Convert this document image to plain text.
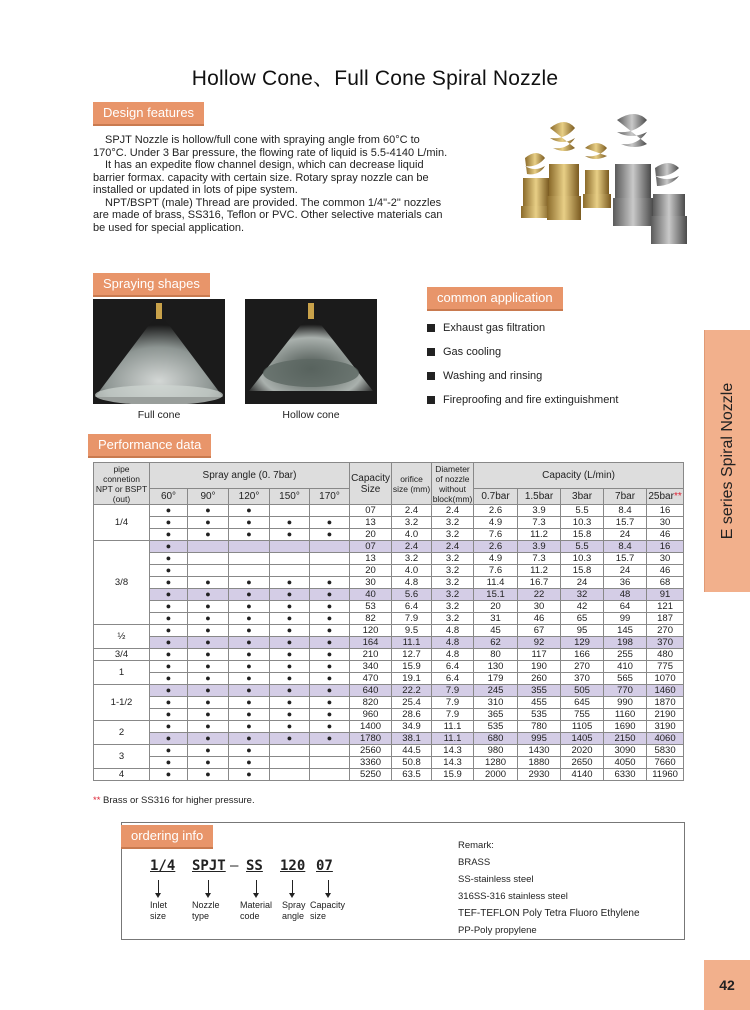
Hollow Cone、Full Cone Spiral Nozzle
Design features

SPJT Nozzle is hollow/full cone with spraying angle from 60°C to 170°C. Under 3 Bar pressure, the flowing rate of liquid is 5.5-4140 L/min.

It has an expedite flow channel design, which can decrease liquid barrier formax. capacity with certain size. Rotary spray nozzle can be installed or updated in lots of pipe system.

NPT/BSPT (male) Thread are provided. The common 1/4"-2" nozzles are made of brass, SS316, Teflon or PVC. Other selective materials can be used for special application.

Spraying shapes
Full cone	Hollow cone
common application
Exhaust gas filtration
Gas cooling
Washing and rinsing
Fireproofing and fire extinguishment	E series Spiral Nozzle
Performance data
pipe connetion NPT or BSPT (out)	Spray angle (0. 7bar)					Capacity Size	orifice size (mm)	Diameter of nozzle without block(mm)	Capacity (L/min)				
	60°	90°	120°	150°	170°				0.7bar	1.5bar	3bar	7bar	25bar**
1/4	●	●	●			07	2.4	2.4	2.6	3.9	5.5	8.4	16
	●	●	●	●	●	13	3.2	3.2	4.9	7.3	10.3	15.7	30
	●	●	●	●	●	20	4.0	3.2	7.6	11.2	15.8	24	46
3/8	●					07	2.4	2.4	2.6	3.9	5.5	8.4	16
	●					13	3.2	3.2	4.9	7.3	10.3	15.7	30
	●					20	4.0	3.2	7.6	11.2	15.8	24	46
	●	●	●	●	●	30	4.8	3.2	11.4	16.7	24	36	68
	●	●	●	●	●	40	5.6	3.2	15.1	22	32	48	91
	●	●	●	●	●	53	6.4	3.2	20	30	42	64	121
	●	●	●	●	●	82	7.9	3.2	31	46	65	99	187
½	●	●	●	●	●	120	9.5	4.8	45	67	95	145	270
	●	●	●	●	●	164	11.1	4.8	62	92	129	198	370
3/4	●	●	●	●	●	210	12.7	4.8	80	117	166	255	480
1	●	●	●	●	●	340	15.9	6.4	130	190	270	410	775
	●	●	●	●	●	470	19.1	6.4	179	260	370	565	1070
1-1/2	●	●	●	●	●	640	22.2	7.9	245	355	505	770	1460
	●	●	●	●	●	820	25.4	7.9	310	455	645	990	1870
	●	●	●	●	●	960	28.6	7.9	365	535	755	1160	2190
2	●	●	●	●	●	1400	34.9	11.1	535	780	1105	1690	3190
	●	●	●	●	●	1780	38.1	11.1	680	995	1405	2150	4060
3	●	●	●			2560	44.5	14.3	980	1430	2020	3090	5830
	●	●	●			3360	50.8	14.3	1280	1880	2650	4050	7660
4	●	●	●			5250	63.5	15.9	2000	2930	4140	6330	11960
** Brass or SS316 for higher pressure.
ordering info
1/4 SPJT — SS 120 07
Inlet
size
Nozzle
type
Material
code
Spray
angle
Capacity
size
Remark:
BRASS
SS-stainless steel
316SS-316 stainless steel
TEF-TEFLON Poly Tetra Fluoro Ethylene
PP-Poly propylene
42
